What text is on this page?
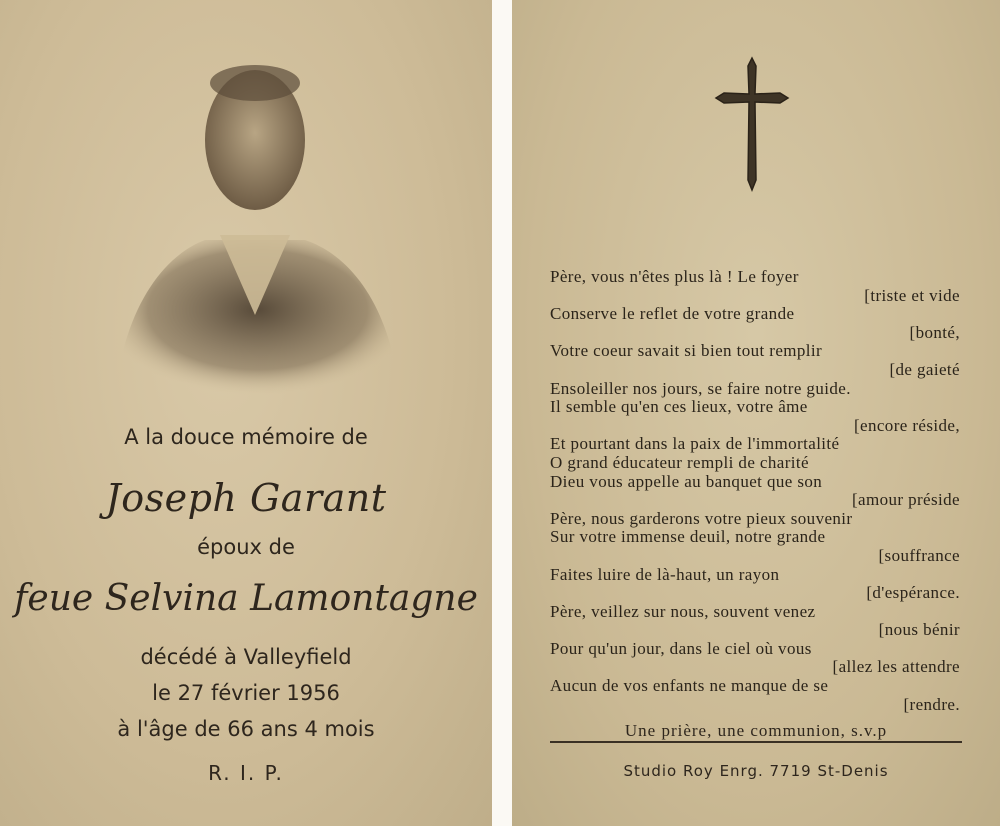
A la douce mémoire de
Joseph Garant
époux de
feue Selvina Lamontagne
décédé à Valleyfield
le 27 février 1956
à l'âge de 66 ans 4 mois
R. I. P.
Père, vous n'êtes plus là ! Le foyer
[triste et vide
Conserve le reflet de votre grande
[bonté,
Votre coeur savait si bien tout remplir
[de gaieté
Ensoleiller nos jours, se faire notre guide.
Il semble qu'en ces lieux, votre âme
[encore réside,
Et pourtant dans la paix de l'immortalité
O grand éducateur rempli de charité
Dieu vous appelle au banquet que son
[amour préside
Père, nous garderons votre pieux souvenir
Sur votre immense deuil, notre grande
[souffrance
Faites luire de là-haut, un rayon
[d'espérance.
Père, veillez sur nous, souvent venez
[nous bénir
Pour qu'un jour, dans le ciel où vous
[allez les attendre
Aucun de vos enfants ne manque de se
[rendre.
Une prière, une communion, s.v.p
Studio Roy Enrg. 7719 St-Denis
